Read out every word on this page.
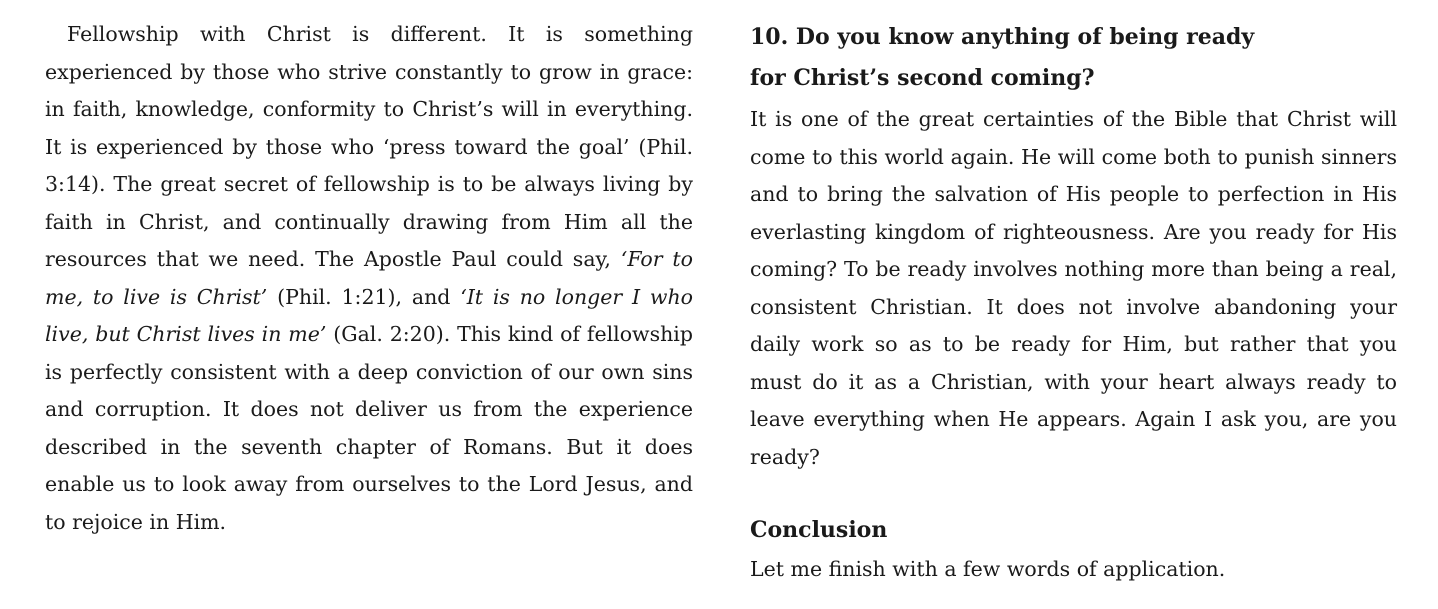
Fellowship with Christ is different. It is something experienced by those who strive constantly to grow in grace: in faith, knowledge, conformity to Christ’s will in everything. It is experienced by those who ‘press toward the goal’ (Phil. 3:14). The great secret of fellowship is to be always living by faith in Christ, and continually drawing from Him all the resources that we need. The Apostle Paul could say, ‘For to me, to live is Christ’ (Phil. 1:21), and ‘It is no longer I who live, but Christ lives in me’ (Gal. 2:20). This kind of fellowship is perfectly consistent with a deep conviction of our own sins and corruption. It does not deliver us from the experience described in the seventh chapter of Romans. But it does enable us to look away from ourselves to the Lord Jesus, and to rejoice in Him.

10. Do you know anything of being ready
for Christ’s second coming?

It is one of the great certainties of the Bible that Christ will come to this world again. He will come both to punish sinners and to bring the salvation of His people to perfection in His everlasting kingdom of righteousness. Are you ready for His coming? To be ready involves nothing more than being a real, consistent Christian. It does not involve abandoning your daily work so as to be ready for Him, but rather that you must do it as a Christian, with your heart always ready to leave everything when He appears. Again I ask you, are you ready?

Conclusion

Let me finish with a few words of application.
